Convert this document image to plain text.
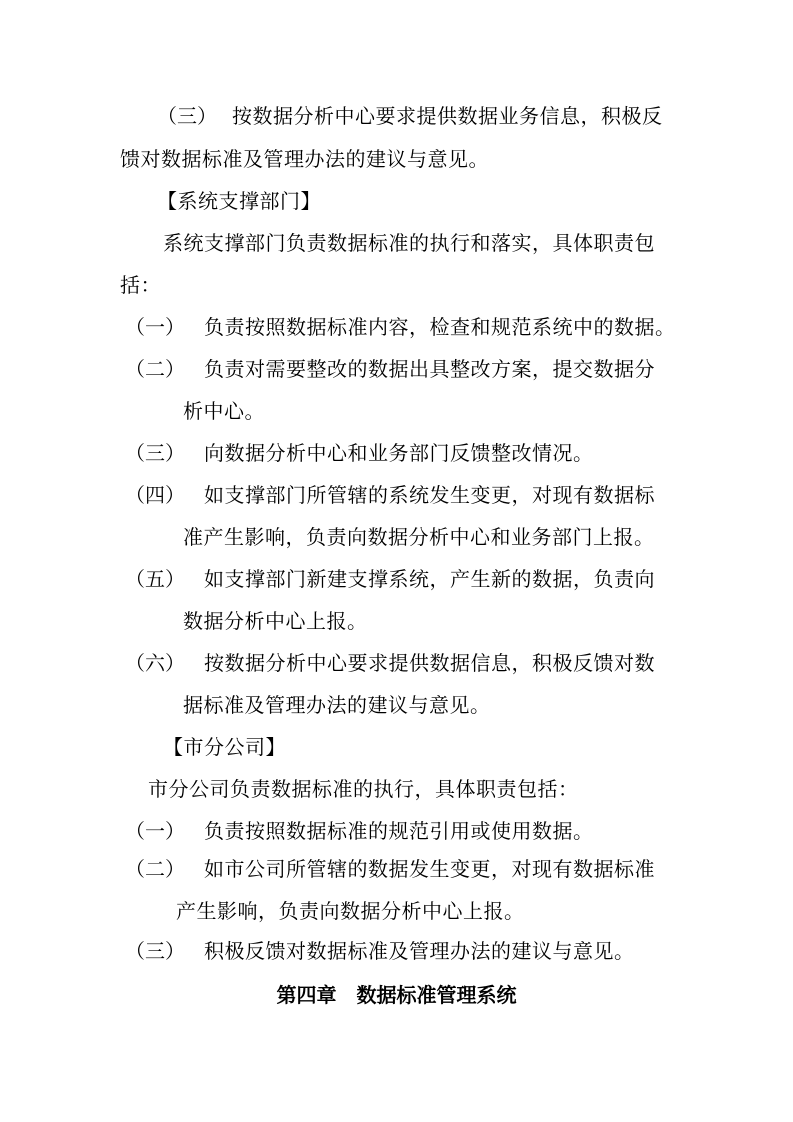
（三） 按数据分析中心要求提供数据业务信息，积极反
馈对数据标准及管理办法的建议与意见。
【系统支撑部门】
系统支撑部门负责数据标准的执行和落实，具体职责包
括：
（一） 负责按照数据标准内容，检查和规范系统中的数据。
（二） 负责对需要整改的数据出具整改方案，提交数据分
析中心。
（三） 向数据分析中心和业务部门反馈整改情况。
（四） 如支撑部门所管辖的系统发生变更，对现有数据标
准产生影响，负责向数据分析中心和业务部门上报。
（五） 如支撑部门新建支撑系统，产生新的数据，负责向
数据分析中心上报。
（六） 按数据分析中心要求提供数据信息，积极反馈对数
据标准及管理办法的建议与意见。
【市分公司】
市分公司负责数据标准的执行，具体职责包括：
（一） 负责按照数据标准的规范引用或使用数据。
（二） 如市公司所管辖的数据发生变更，对现有数据标准
产生影响，负责向数据分析中心上报。
（三） 积极反馈对数据标准及管理办法的建议与意见。
第四章　数据标准管理系统
